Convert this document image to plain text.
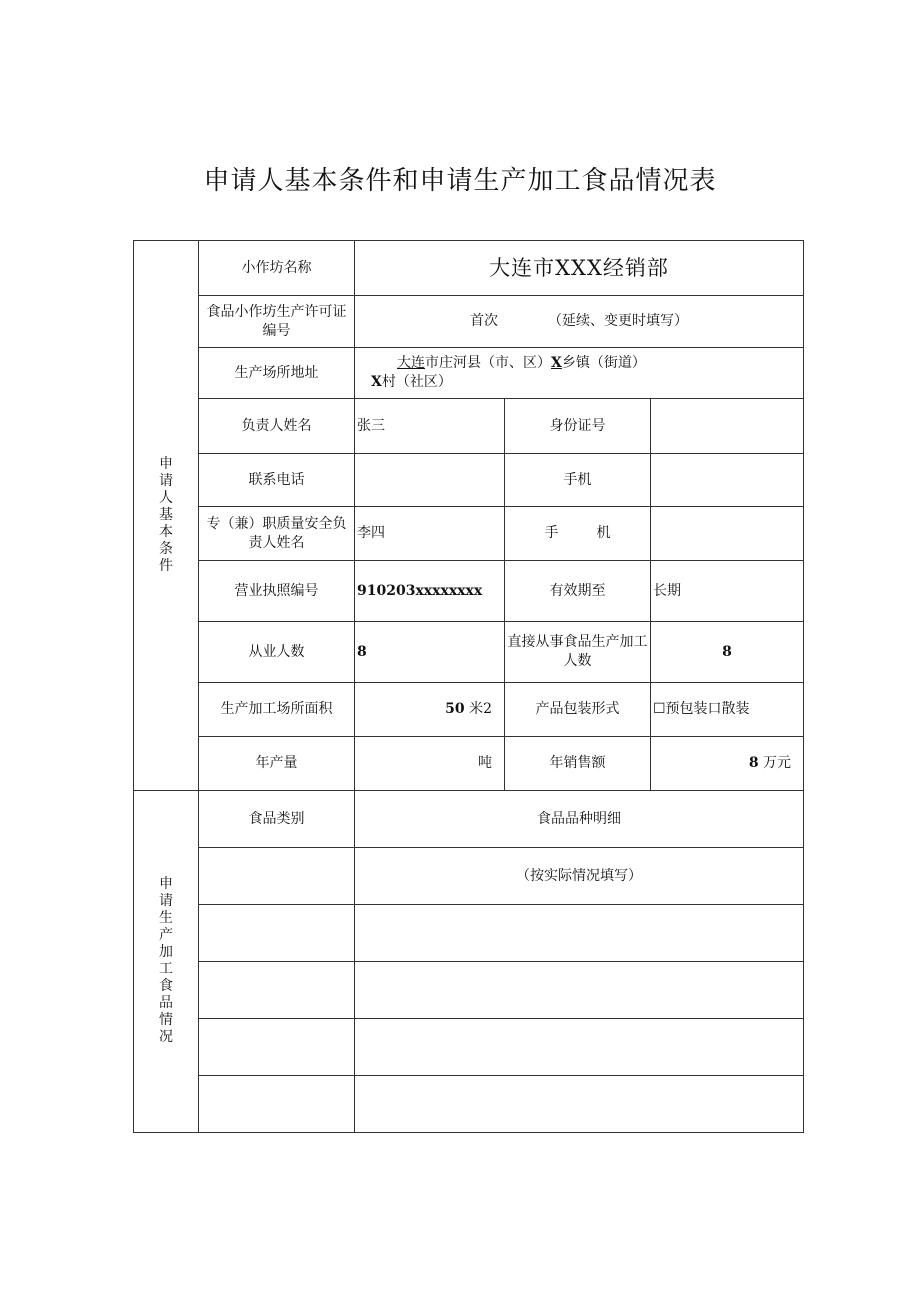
申请人基本条件和申请生产加工食品情况表
申请人基本条件	小作坊名称	大连市XXX经销部		
	食品小作坊生产许可证编号	首次 （延续、变更时填写）		
	生产场所地址	大连市庄河县（市、区）X乡镇（街道）
X村（社区）		

	负责人姓名	张三	身份证号	
	联系电话		手机	
	专（兼）职质量安全负责人姓名	李四	手 机	
	营业执照编号	910203xxxxxxxx	有效期至	长期
	从业人数	8	直接从事食品生产加工人数	8
	生产加工场所面积	50 米2	产品包装形式	☐预包装口散装
	年产量	吨	年销售额	8 万元
申请生产加工食品情况	食品类别	食品品种明细		
		（按实际情况填写）		
